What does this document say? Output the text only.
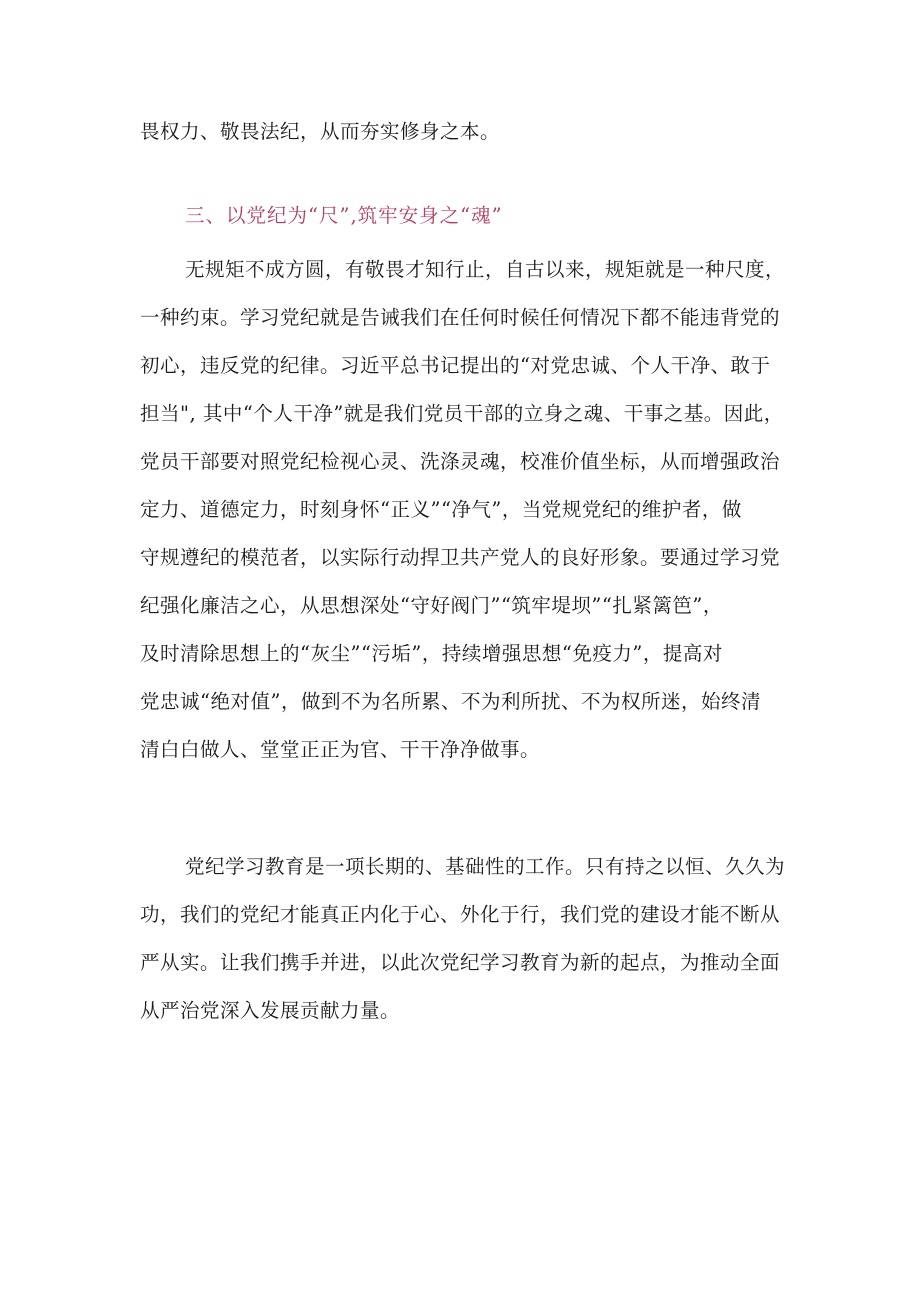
畏权力、敬畏法纪，从而夯实修身之本。
三、以党纪为“尺”,筑牢安身之“魂”
无规矩不成方圆，有敬畏才知行止，自古以来，规矩就是一种尺度，
一种约束。学习党纪就是告诫我们在任何时候任何情况下都不能违背党的
初心，违反党的纪律。习近平总书记提出的“对党忠诚、个人干净、敢于
担当", 其中“个人干净”就是我们党员干部的立身之魂、干事之基。因此，
党员干部要对照党纪检视心灵、洗涤灵魂，校准价值坐标，从而增强政治
定力、道德定力，时刻身怀“正义”“净气”，当党规党纪的维护者，做
守规遵纪的模范者，以实际行动捍卫共产党人的良好形象。要通过学习党
纪强化廉洁之心，从思想深处“守好阀门”“筑牢堤坝”“扎紧篱笆”，
及时清除思想上的“灰尘”“污垢”，持续增强思想“免疫力”，提高对
党忠诚“绝对值”，做到不为名所累、不为利所扰、不为权所迷，始终清
清白白做人、堂堂正正为官、干干净净做事。
党纪学习教育是一项长期的、基础性的工作。只有持之以恒、久久为
功，我们的党纪才能真正内化于心、外化于行，我们党的建设才能不断从
严从实。让我们携手并进，以此次党纪学习教育为新的起点，为推动全面
从严治党深入发展贡献力量。
